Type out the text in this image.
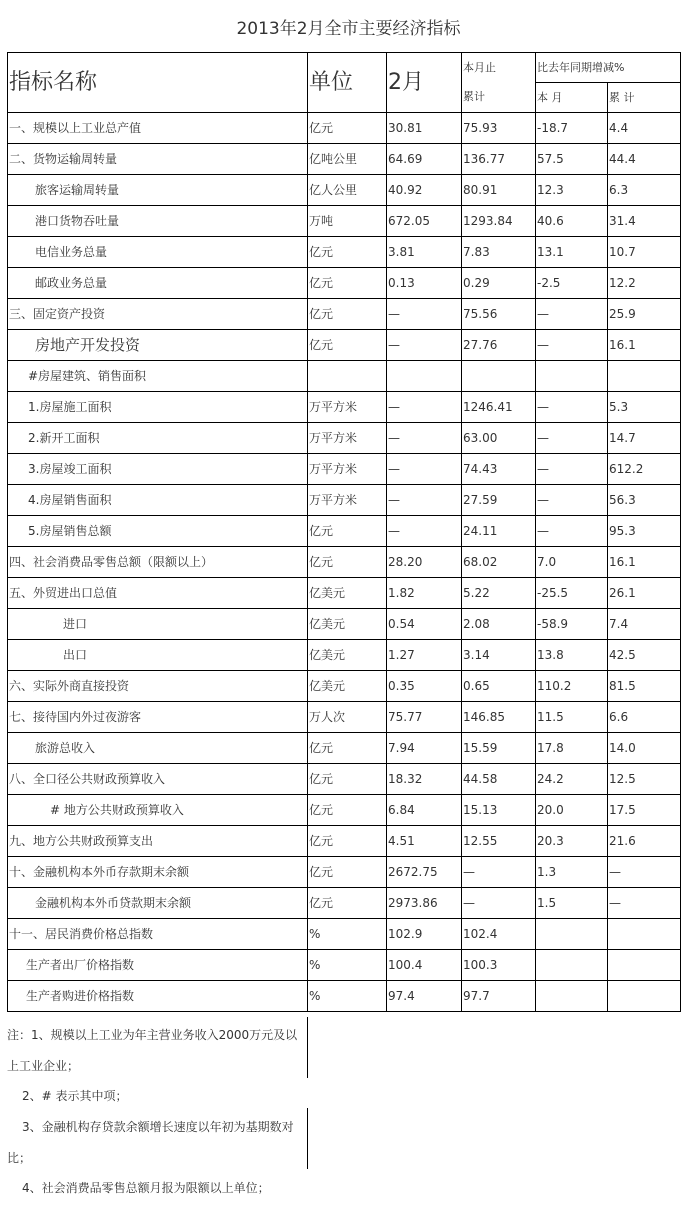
2013年2月全市主要经济指标
指标名称	单位	2月	本月止	比去年同期增减%	
			累计	本 月	累 计
一、规模以上工业总产值	亿元	30.81	75.93	-18.7	4.4
二、货物运输周转量	亿吨公里	64.69	136.77	57.5	44.4
旅客运输周转量	亿人公里	40.92	80.91	12.3	6.3
港口货物吞吐量	万吨	672.05	1293.84	40.6	31.4
电信业务总量	亿元	3.81	7.83	13.1	10.7
邮政业务总量	亿元	0.13	0.29	-2.5	12.2
三、固定资产投资	亿元	—	75.56	—	25.9
房地产开发投资	亿元	—	27.76	—	16.1
#房屋建筑、销售面积					
1.房屋施工面积	万平方米	—	1246.41	—	5.3
2.新开工面积	万平方米	—	63.00	—	14.7
3.房屋竣工面积	万平方米	—	74.43	—	612.2
4.房屋销售面积	万平方米	—	27.59	—	56.3
5.房屋销售总额	亿元	—	24.11	—	95.3
四、社会消费品零售总额（限额以上）	亿元	28.20	68.02	7.0	16.1
五、外贸进出口总值	亿美元	1.82	5.22	-25.5	26.1
进口	亿美元	0.54	2.08	-58.9	7.4
出口	亿美元	1.27	3.14	13.8	42.5
六、实际外商直接投资	亿美元	0.35	0.65	110.2	81.5
七、接待国内外过夜游客	万人次	75.77	146.85	11.5	6.6
旅游总收入	亿元	7.94	15.59	17.8	14.0
八、全口径公共财政预算收入	亿元	18.32	44.58	24.2	12.5
# 地方公共财政预算收入	亿元	6.84	15.13	20.0	17.5
九、地方公共财政预算支出	亿元	4.51	12.55	20.3	21.6
十、金融机构本外币存款期末余额	亿元	2672.75	—	1.3	—
金融机构本外币贷款期末余额	亿元	2973.86	—	1.5	—
十一、居民消费价格总指数	%	102.9	102.4		
生产者出厂价格指数	%	100.4	100.3		
生产者购进价格指数	%	97.4	97.7		
注：1、规模以上工业为年主营业务收入2000万元及以
上工业企业；
2、# 表示其中项；
3、金融机构存贷款余额增长速度以年初为基期数对
比；
4、社会消费品零售总额月报为限额以上单位；
